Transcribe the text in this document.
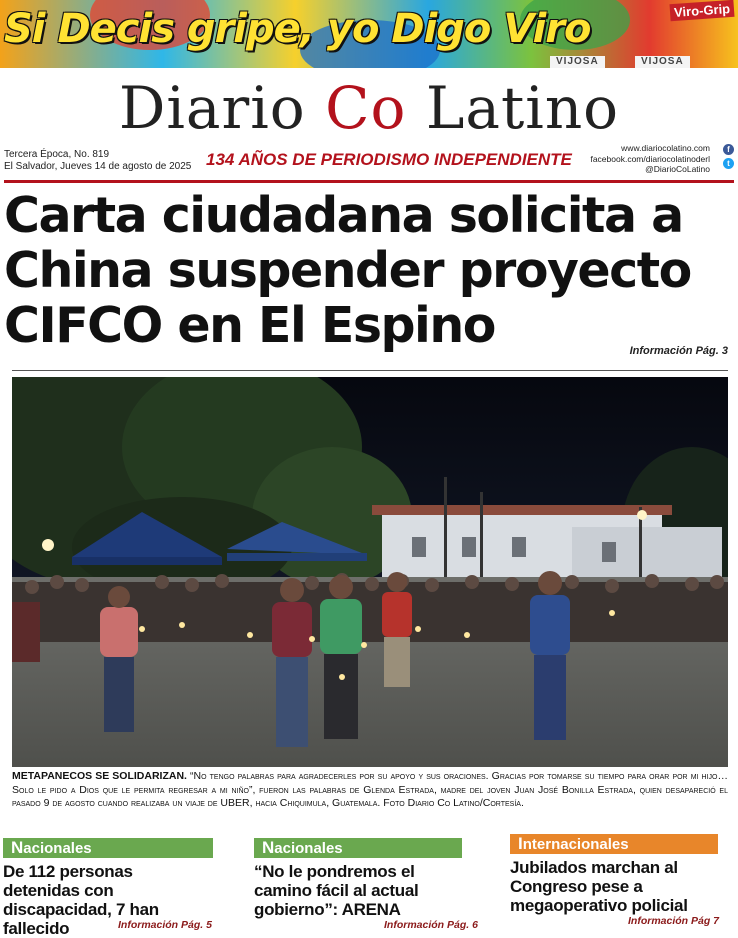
Si Decis gripe, yo Digo Viro	Viro-Grip
VIJOSA	VIJOSA
Diario Co Latino
Tercera Época, No. 819
El Salvador, Jueves 14 de agosto de 2025 134 AÑOS DE PERIODISMO INDEPENDIENTE
www.diariocolatino.com
facebook.com/diariocolatinoderl
@DiarioCoLatino
f
t
Carta ciudadana solicita a
China suspender proyecto
CIFCO en El Espino	Información Pág. 3
METAPANECOS SE SOLIDARIZAN. “No tengo palabras para agradecerles por su apoyo y sus oraciones. Gracias por tomarse su tiempo para orar por mi hijo… Solo le pido a Dios que le permita regresar a mi niño”, fueron las palabras de Glenda Estrada, madre del joven Juan José Bonilla Estrada, quien desapareció el pasado 9 de agosto cuando realizaba un viaje de UBER, hacia Chiquimula, Guatemala. Foto Diario Co Latino/Cortesía.
Nacionales
De 112 personas detenidas con discapacidad, 7 han fallecido	Información Pág. 5
Nacionales
“No le pondremos el camino fácil al actual gobierno”: ARENA
Información Pág. 6
Internacionales
Jubilados marchan al Congreso pese a megaoperativo policial
Información Pág 7
